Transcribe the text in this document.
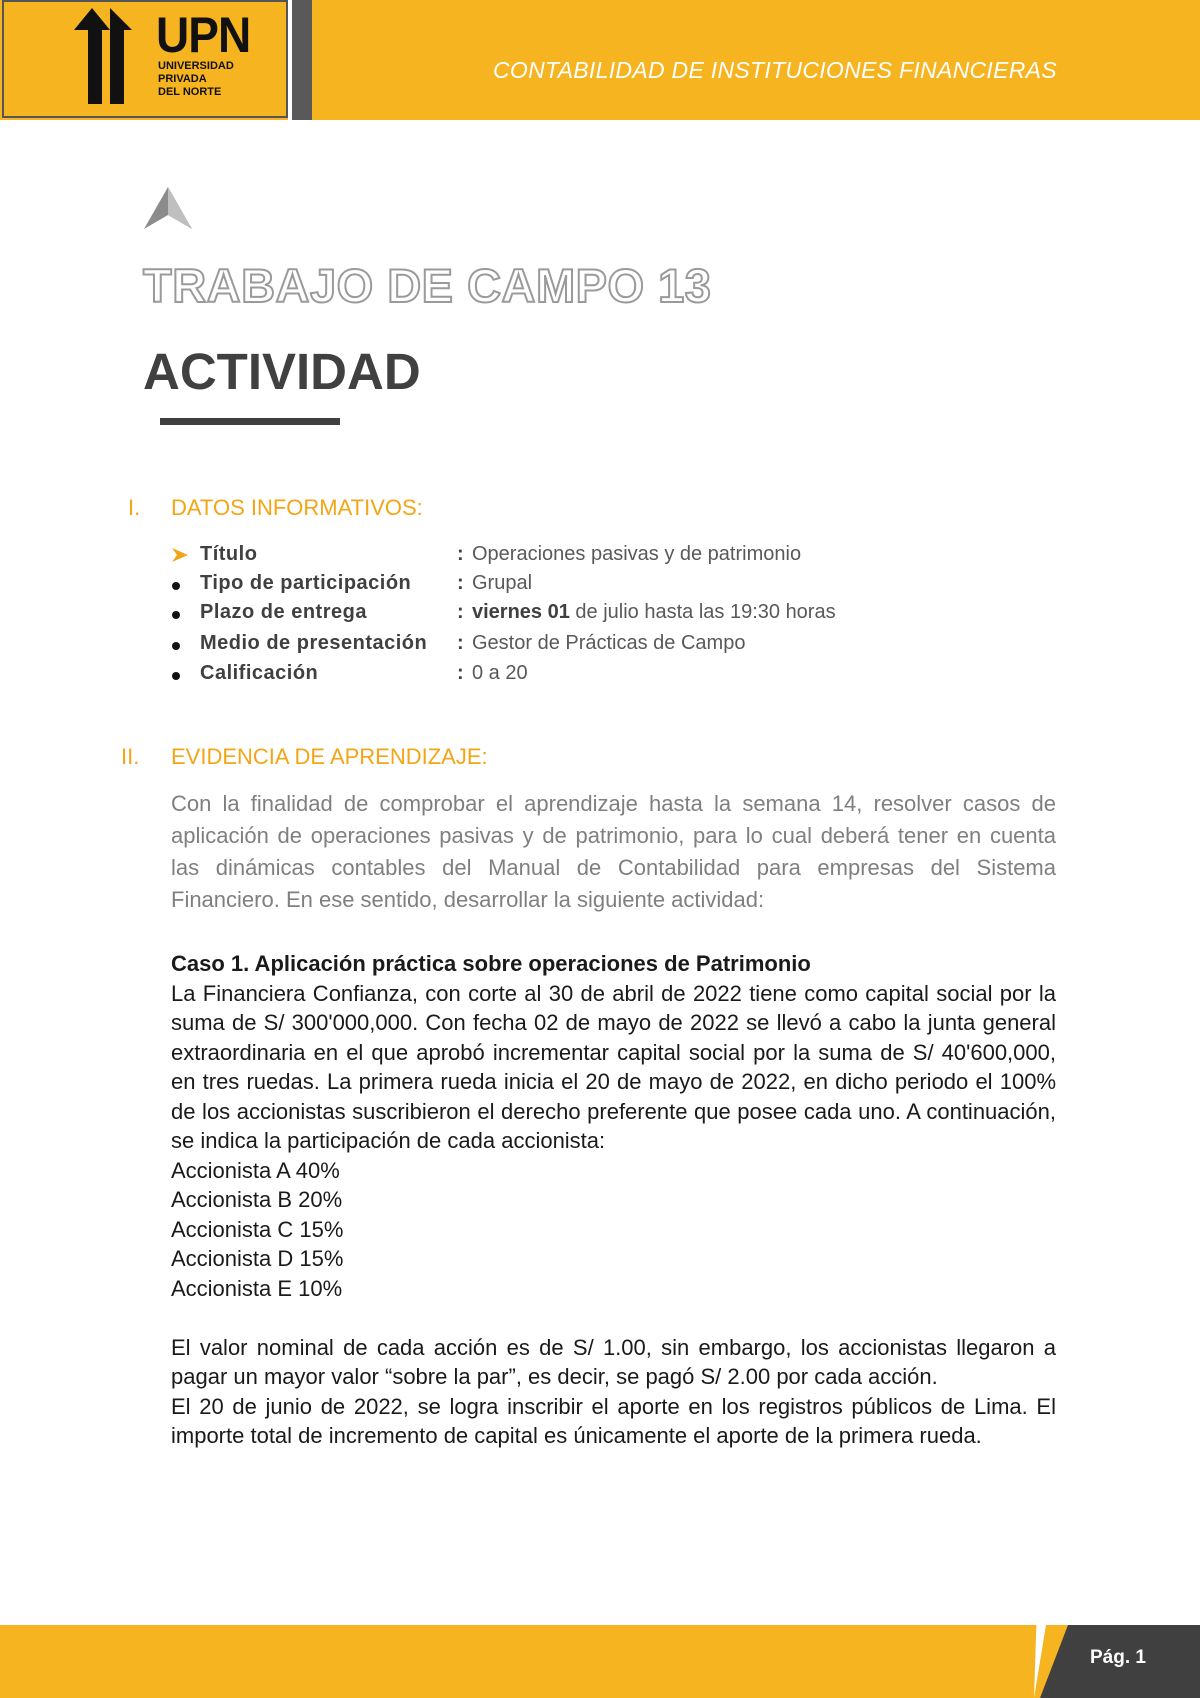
UPN
UNIVERSIDAD
PRIVADA
DEL NORTE
CONTABILIDAD DE INSTITUCIONES FINANCIERAS
TRABAJO DE CAMPO 13
ACTIVIDAD
I. DATOS INFORMATIVOS:
Título	: Operaciones pasivas y de patrimonio
Tipo de participación : Grupal
Plazo de entrega	: viernes 01 de julio hasta las 19:30 horas
Medio de presentación : Gestor de Prácticas de Campo
Calificación	: 0 a 20
II. EVIDENCIA DE APRENDIZAJE:
Con la finalidad de comprobar el aprendizaje hasta la semana 14, resolver casos de aplicación de operaciones pasivas y de patrimonio, para lo cual deberá tener en cuenta las dinámicas contables del Manual de Contabilidad para empresas del Sistema Financiero. En ese sentido, desarrollar la siguiente actividad:
Caso 1. Aplicación práctica sobre operaciones de Patrimonio
La Financiera Confianza, con corte al 30 de abril de 2022 tiene como capital social por la suma de S/ 300'000,000. Con fecha 02 de mayo de 2022 se llevó a cabo la junta general extraordinaria en el que aprobó incrementar capital social por la suma de S/ 40'600,000, en tres ruedas. La primera rueda inicia el 20 de mayo de 2022, en dicho periodo el 100% de los accionistas suscribieron el derecho preferente que posee cada uno. A continuación, se indica la participación de cada accionista:
Accionista A 40%
Accionista B 20%
Accionista C 15%
Accionista D 15%
Accionista E 10%
El valor nominal de cada acción es de S/ 1.00, sin embargo, los accionistas llegaron a pagar un mayor valor “sobre la par”, es decir, se pagó S/ 2.00 por cada acción.
El 20 de junio de 2022, se logra inscribir el aporte en los registros públicos de Lima. El importe total de incremento de capital es únicamente el aporte de la primera rueda.
Pág. 1
